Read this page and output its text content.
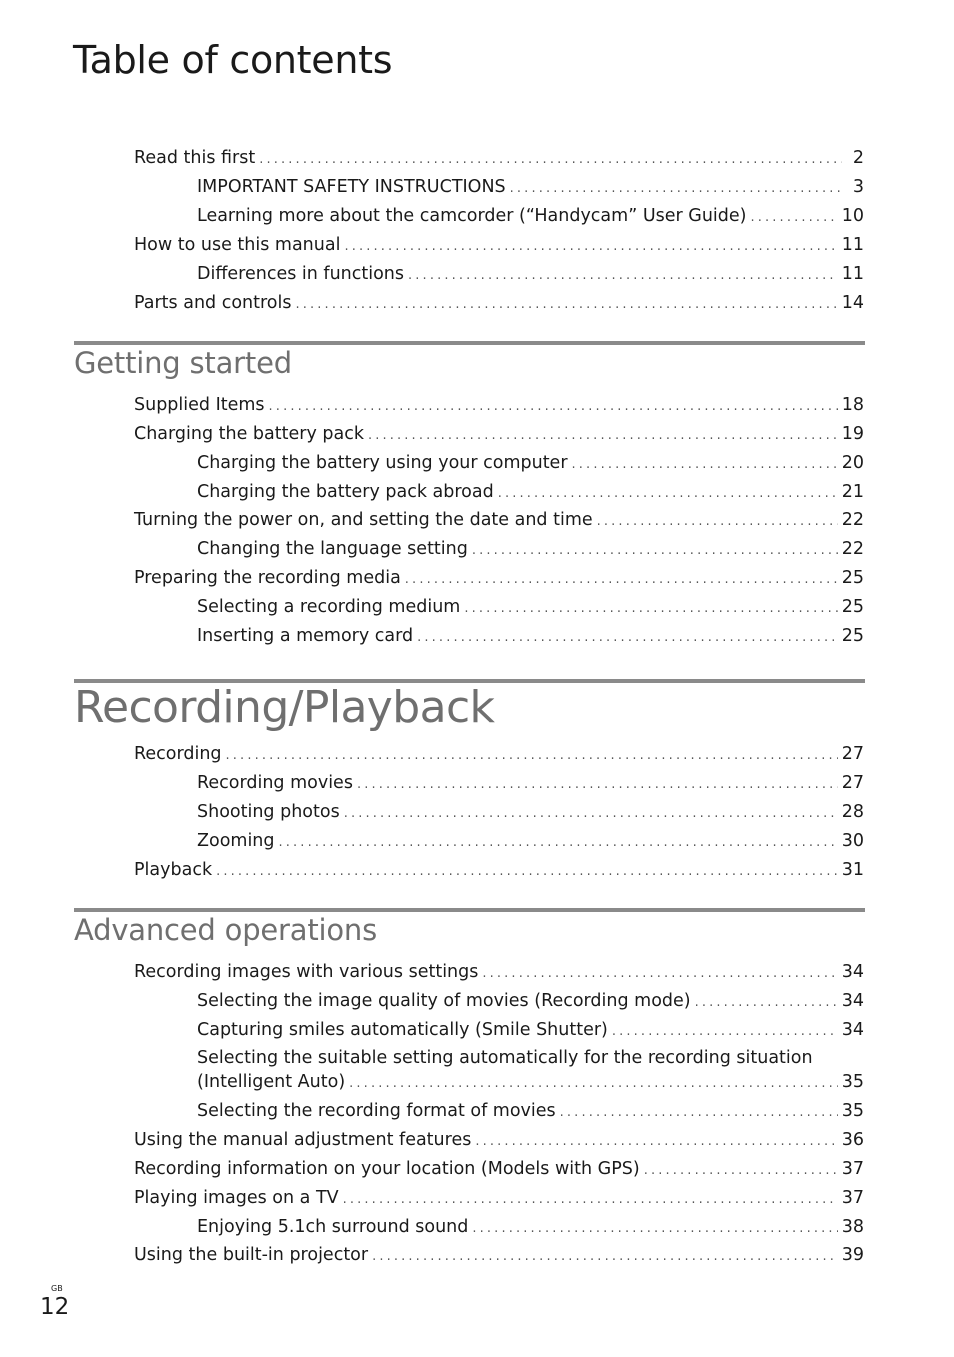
Table of contents
Read this first . . .	2
IMPORTANT SAFETY INSTRUCTIONS . . .	3
Learning more about the camcorder (“Handycam” User Guide) . . .	10
How to use this manual . . .	11
Differences in functions . . .	11
Parts and controls . . .	14
Getting started
Supplied Items . . .	18
Charging the battery pack . . .	19
Charging the battery using your computer . . .	20
Charging the battery pack abroad . . .	21
Turning the power on, and setting the date and time . . .	22
Changing the language setting . . .	22
Preparing the recording media . . .	25
Selecting a recording medium . . .	25
Inserting a memory card . . .	25
Recording/Playback
Recording . . .	27
Recording movies . . .	27
Shooting photos . . .	28
Zooming . . .	30
Playback . . .	31
Advanced operations
Recording images with various settings . . .	34
Selecting the image quality of movies (Recording mode) . . .	34
Capturing smiles automatically (Smile Shutter) . . .	34
Selecting the suitable setting automatically for the recording situation
(Intelligent Auto) . . .	35
Selecting the recording format of movies . . .	35
Using the manual adjustment features . . .	36
Recording information on your location (Models with GPS) . . .	37
Playing images on a TV . . .	37
Enjoying 5.1ch surround sound . . .	38
Using the built-in projector . . .	39
GB
12
